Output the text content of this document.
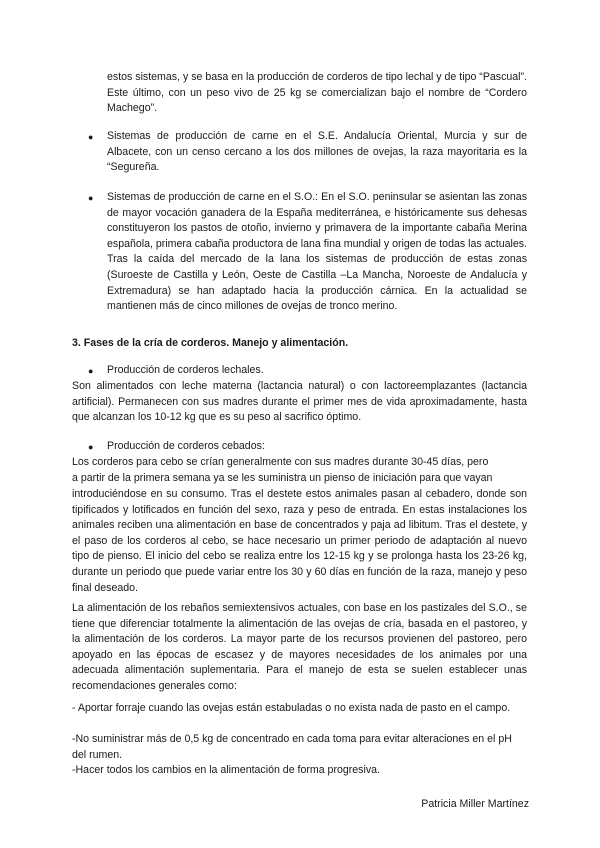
estos sistemas, y se basa en la producción de corderos de tipo lechal y de tipo “Pascual”. Este último, con un peso vivo de 25 kg se comercializan bajo el nombre de “Cordero Machego”.
● Sistemas de producción de carne en el S.E. Andalucía Oriental, Murcia y sur de Albacete, con un censo cercano a los dos millones de ovejas, la raza mayoritaria es la “Segureña.
● Sistemas de producción de carne en el S.O.: En el S.O. peninsular se asientan las zonas de mayor vocación ganadera de la España mediterránea, e históricamente sus dehesas constituyeron los pastos de otoño, invierno y primavera de la importante cabaña Merina española, primera cabaña productora de lana fina mundial y origen de todas las actuales. Tras la caída del mercado de la lana los sistemas de producción de estas zonas (Suroeste de Castilla y León, Oeste de Castilla –La Mancha, Noroeste de Andalucía y Extremadura) se han adaptado hacia la producción cárnica. En la actualidad se mantienen más de cinco millones de ovejas de tronco merino.
3. Fases de la cría de corderos. Manejo y alimentación.
● Producción de corderos lechales.
Son alimentados con leche materna (lactancia natural) o con lactoreemplazantes (lactancia artificial). Permanecen con sus madres durante el primer mes de vida aproximadamente, hasta que alcanzan los 10-12 kg que es su peso al sacrifico óptimo.
● Producción de corderos cebados:
Los corderos para cebo se crían generalmente con sus madres durante 30-45 días, pero
a partir de la primera semana ya se les suministra un pienso de iniciación para que vayan
introduciéndose en su consumo. Tras el destete estos animales pasan al cebadero, donde son tipificados y lotificados en función del sexo, raza y peso de entrada. En estas instalaciones los animales reciben una alimentación en base de concentrados y paja ad libitum. Tras el destete, y el paso de los corderos al cebo, se hace necesario un primer periodo de adaptación al nuevo tipo de pienso. El inicio del cebo se realiza entre los 12-15 kg y se prolonga hasta los 23-26 kg, durante un periodo que puede variar entre los 30 y 60 días en función de la raza, manejo y peso final deseado.
La alimentación de los rebaños semiextensivos actuales, con base en los pastizales del S.O., se tiene que diferenciar totalmente la alimentación de las ovejas de cría, basada en el pastoreo, y la alimentación de los corderos. La mayor parte de los recursos provienen del pastoreo, pero apoyado en las épocas de escasez y de mayores necesidades de los animales por una adecuada alimentación suplementaria. Para el manejo de esta se suelen establecer unas recomendaciones generales como:
- Aportar forraje cuando las ovejas están estabuladas o no exista nada de pasto en el campo.
-No suministrar más de 0,5 kg de concentrado en cada toma para evitar alteraciones en el pH del rumen.
-Hacer todos los cambios en la alimentación de forma progresiva.
Patricia Miller Martínez
